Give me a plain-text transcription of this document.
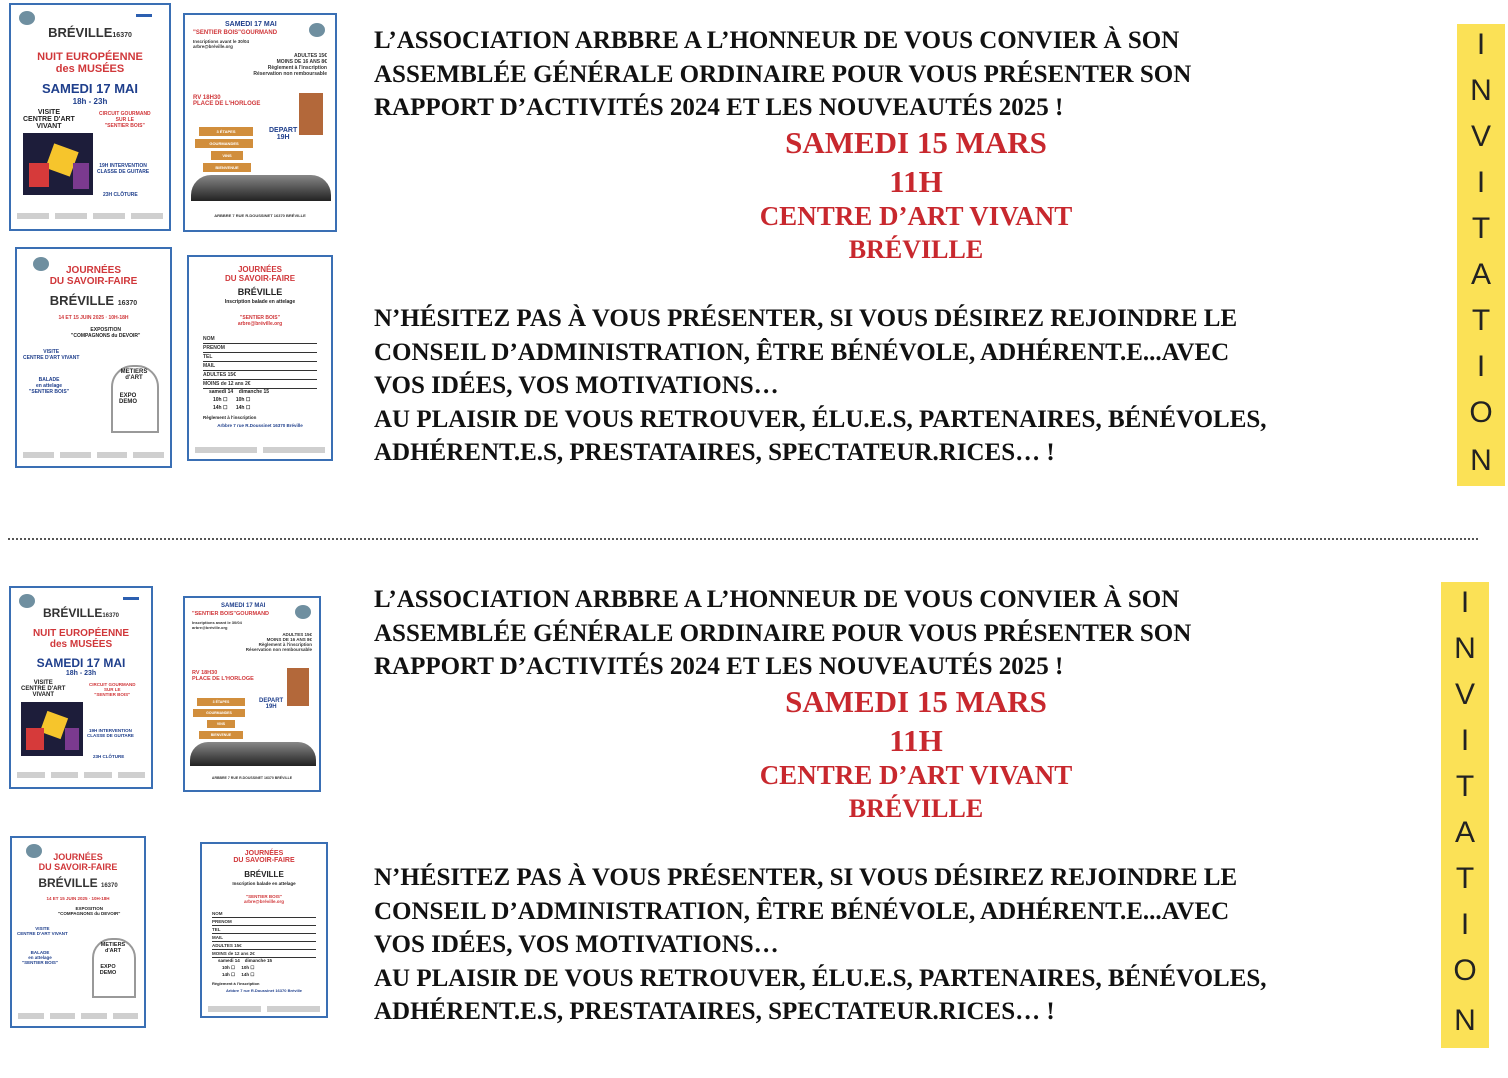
BRÉVILLE16370
NUIT EUROPÉENNE
des MUSÉES
SAMEDI 17 MAI
18h - 23h
VISITE
CENTRE D'ART
VIVANT
CIRCUIT GOURMAND
SUR LE
"SENTIER BOIS"
19H INTERVENTION
CLASSE DE GUITARE
23H CLÔTURE
SAMEDI 17 MAI
"SENTIER BOIS"GOURMAND
Inscriptions avant le 30/04
arbre@bréville.org
ADULTES 15€
MOINS DE 16 ANS 8€
Règlement à l'inscription
Réservation non remboursable
RV 18H30
PLACE DE L'HORLOGE
3 ÉTAPES
GOURMANDES
VINS
BIENVENUE
DEPART
19H
ARBBRE 7 RUE R.DOUSSINET 16370 BRÉVILLE
JOURNÉES
DU SAVOIR-FAIRE
BRÉVILLE 16370
14 ET 15 JUIN 2025 · 10H-18H
EXPOSITION
"COMPAGNONS du DEVOIR"
VISITE
CENTRE D'ART VIVANT
BALADE
en attelage
"SENTIER BOIS"
METIERS
d'ART
EXPO
DEMO
JOURNÉES
DU SAVOIR-FAIRE
BRÉVILLE
Inscription balade en attelage
"SENTIER BOIS"
arbre@bréville.org
NOM
PRENOM
TEL
MAIL
ADULTES 15€
MOINS de 12 ans 2€
samedi 14 dimanche 15
10h ☐      10h ☐
14h ☐      14h ☐
Règlement à l'inscription
Arbbre 7 rue R.Doussinet 16370 Bréville
L’ASSOCIATION ARBBRE A L’HONNEUR DE VOUS CONVIER À SON
ASSEMBLÉE GÉNÉRALE ORDINAIRE POUR VOUS PRÉSENTER SON
RAPPORT D’ACTIVITÉS 2024 ET LES NOUVEAUTÉS 2025 !
SAMEDI 15 MARS
11H
CENTRE D’ART VIVANT
BRÉVILLE
N’HÉSITEZ PAS À VOUS PRÉSENTER, SI VOUS DÉSIREZ REJOINDRE LE
CONSEIL D’ADMINISTRATION, ÊTRE BÉNÉVOLE, ADHÉRENT.E...AVEC
VOS IDÉES, VOS MOTIVATIONS…
AU PLAISIR DE VOUS RETROUVER, ÉLU.E.S, PARTENAIRES, BÉNÉVOLES,
ADHÉRENT.E.S, PRESTATAIRES, SPECTATEUR.RICES… !
I
N
V
I
T
A
T
I
O
N
BRÉVILLE16370
NUIT EUROPÉENNE
des MUSÉES
SAMEDI 17 MAI
18h - 23h
VISITE
CENTRE D'ART
VIVANT
CIRCUIT GOURMAND
SUR LE
"SENTIER BOIS"
19H INTERVENTION
CLASSE DE GUITARE
23H CLÔTURE
SAMEDI 17 MAI
"SENTIER BOIS"GOURMAND
Inscriptions avant le 30/04
arbre@bréville.org
ADULTES 15€
MOINS DE 16 ANS 8€
Règlement à l'inscription
Réservation non remboursable
RV 18H30
PLACE DE L'HORLOGE
3 ÉTAPES
GOURMANDES
VINS
BIENVENUE
DEPART
19H
ARBBRE 7 RUE R.DOUSSINET 16370 BRÉVILLE
JOURNÉES
DU SAVOIR-FAIRE
BRÉVILLE 16370
14 ET 15 JUIN 2025 · 10H-18H
EXPOSITION
"COMPAGNONS du DEVOIR"
VISITE
CENTRE D'ART VIVANT
BALADE
en attelage
"SENTIER BOIS"
METIERS
d'ART
EXPO
DEMO
JOURNÉES
DU SAVOIR-FAIRE
BRÉVILLE
Inscription balade en attelage
"SENTIER BOIS"
arbre@bréville.org
NOM
PRENOM
TEL
MAIL
ADULTES 15€
MOINS de 12 ans 2€
samedi 14 dimanche 15
10h ☐     10h ☐
14h ☐     14h ☐
Règlement à l'inscription
Arbbre 7 rue R.Doussinet 16370 Bréville
L’ASSOCIATION ARBBRE A L’HONNEUR DE VOUS CONVIER À SON
ASSEMBLÉE GÉNÉRALE ORDINAIRE POUR VOUS PRÉSENTER SON
RAPPORT D’ACTIVITÉS 2024 ET LES NOUVEAUTÉS 2025 !
SAMEDI 15 MARS
11H
CENTRE D’ART VIVANT
BRÉVILLE
N’HÉSITEZ PAS À VOUS PRÉSENTER, SI VOUS DÉSIREZ REJOINDRE LE
CONSEIL D’ADMINISTRATION, ÊTRE BÉNÉVOLE, ADHÉRENT.E...AVEC
VOS IDÉES, VOS MOTIVATIONS…
AU PLAISIR DE VOUS RETROUVER, ÉLU.E.S, PARTENAIRES, BÉNÉVOLES,
ADHÉRENT.E.S, PRESTATAIRES, SPECTATEUR.RICES… !
I
N
V
I
T
A
T
I
O
N
